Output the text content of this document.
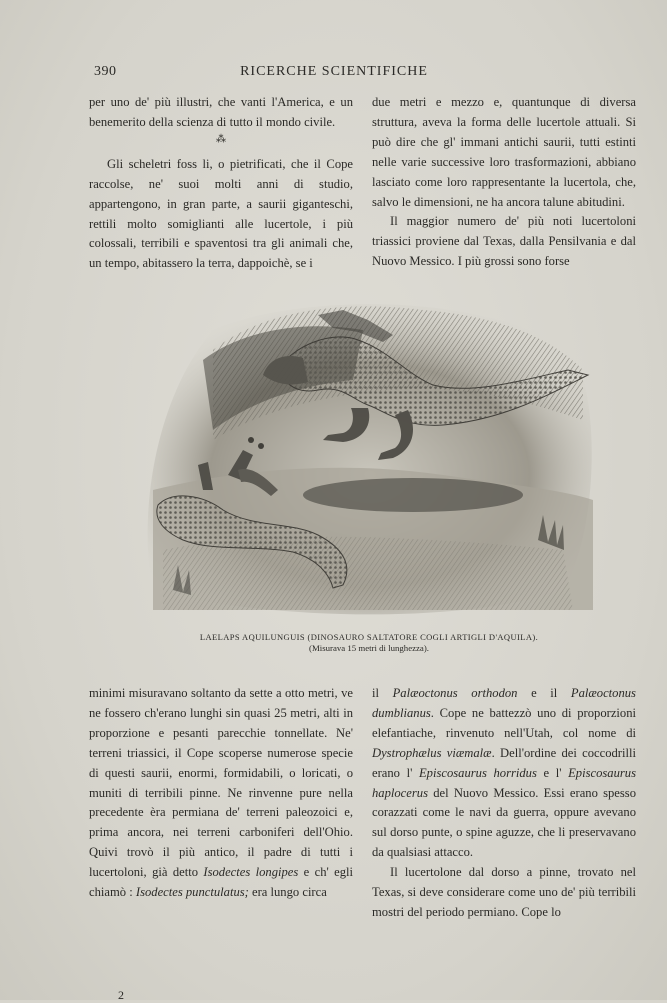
390	RICERCHE SCIENTIFICHE

per uno de' più illustri, che vanti l'America, e un benemerito della scienza di tutto il mondo civile.

⁂

Gli scheletri foss li, o pietrificati, che il Cope raccolse, ne' suoi molti anni di studio, appartengono, in gran parte, a saurii giganteschi, rettili molto somiglianti alle lucertole, i più colossali, terribili e spaventosi tra gli animali che, un tempo, abitassero la terra, dappoichè, se i

due metri e mezzo e, quantunque di diversa struttura, aveva la forma delle lucertole attuali. Si può dire che gl' immani antichi saurii, tutti estinti nelle varie successive loro trasformazioni, abbiano lasciato come loro rappresentante la lucertola, che, salvo le dimensioni, ne ha ancora talune abitudini.

Il maggior numero de' più noti lucertoloni triassici proviene dal Texas, dalla Pensilvania e dal Nuovo Messico. I più grossi sono forse

LAELAPS AQUILUNGUIS (DINOSAURO SALTATORE COGLI ARTIGLI D'AQUILA).
(Misurava 15 metri di lunghezza).

minimi misuravano soltanto da sette a otto metri, ve ne fossero ch'erano lunghi sin quasi 25 metri, alti in proporzione e pesanti parecchie tonnellate. Ne' terreni triassici, il Cope scoperse numerose specie di questi saurii, enormi, formidabili, o loricati, o muniti di terribili pinne. Ne rinvenne pure nella precedente èra permiana de' terreni paleozoici e, prima ancora, nei terreni carboniferi dell'Ohio. Quivi trovò il più antico, il padre di tutti i lucertoloni, già detto Isodectes longipes e ch' egli chiamò : Isodectes punctulatus; era lungo circa

il Palæoctonus orthodon e il Palæoctonus dumblianus. Cope ne battezzò uno di proporzioni elefantiache, rinvenuto nell'Utah, col nome di Dystrophælus viæmalæ. Dell'ordine dei coccodrilli erano l' Episcosaurus horridus e l' Episcosaurus haplocerus del Nuovo Messico. Essi erano spesso corazzati come le navi da guerra, oppure avevano sul dorso punte, o spine aguzze, che li preservavano da qualsiasi attacco.

Il lucertolone dal dorso a pinne, trovato nel Texas, si deve considerare come uno de' più terribili mostri del periodo permiano. Cope lo

2
